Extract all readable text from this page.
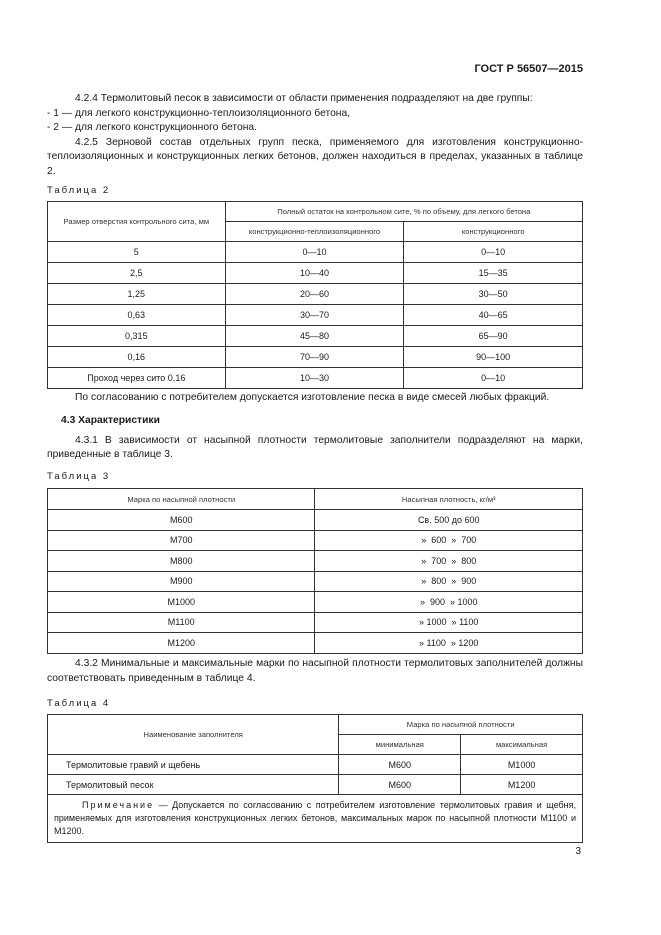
ГОСТ Р 56507—2015

4.2.4 Термолитовый песок в зависимости от области применения подразделяют на две группы:

- 1 — для легкого конструкционно-теплоизоляционного бетона,

- 2 — для легкого конструкционного бетона.

4.2.5 Зерновой состав отдельных групп песка, применяемого для изготовления конструкционно-теплоизоляционных и конструкционных легких бетонов, должен находиться в пределах, указанных в таблице 2.

Таблица 2
Размер отверстия контрольного сита, мм	Полный остаток на контрольном сите, % по объему, для легкого бетона	
	конструкционно-теплоизоляционного	конструкционного
5	0—10	0—10
2,5	10—40	15—35
1,25	20—60	30—50
0,63	30—70	40—65
0,315	45—80	65—90
0,16	70—90	90—100
Проход через сито 0,16	10—30	0—10

По согласованию с потребителем допускается изготовление песка в виде смесей любых фракций.

4.3 Характеристики

4.3.1 В зависимости от насыпной плотности термолитовые заполнители подразделяют на марки, приведенные в таблице 3.

Таблица 3
Марка по насыпной плотности	Насыпная плотность, кг/м³
М600	Св. 500 до 600
М700	»  600  »  700
М800	»  700  »  800
М900	»  800  »  900
М1000	»  900  » 1000
М1100	» 1000  » 1100
М1200	» 1100  » 1200

4.3.2 Минимальные и максимальные марки по насыпной плотности термолитовых заполнителей должны соответствовать приведенным в таблице 4.

Таблица 4
Наименование заполнителя	Марка по насыпной плотности	
	минимальная	максимальная
Термолитовые гравий и щебень	М600	М1000
Термолитовый песок	М600	М1200
Примечание — Допускается по согласованию с потребителем изготовление термолитовых гравия и щебня, применяемых для изготовления конструкционных легких бетонов, максимальных марок по насыпной плотности М1100 и М1200.		
3
